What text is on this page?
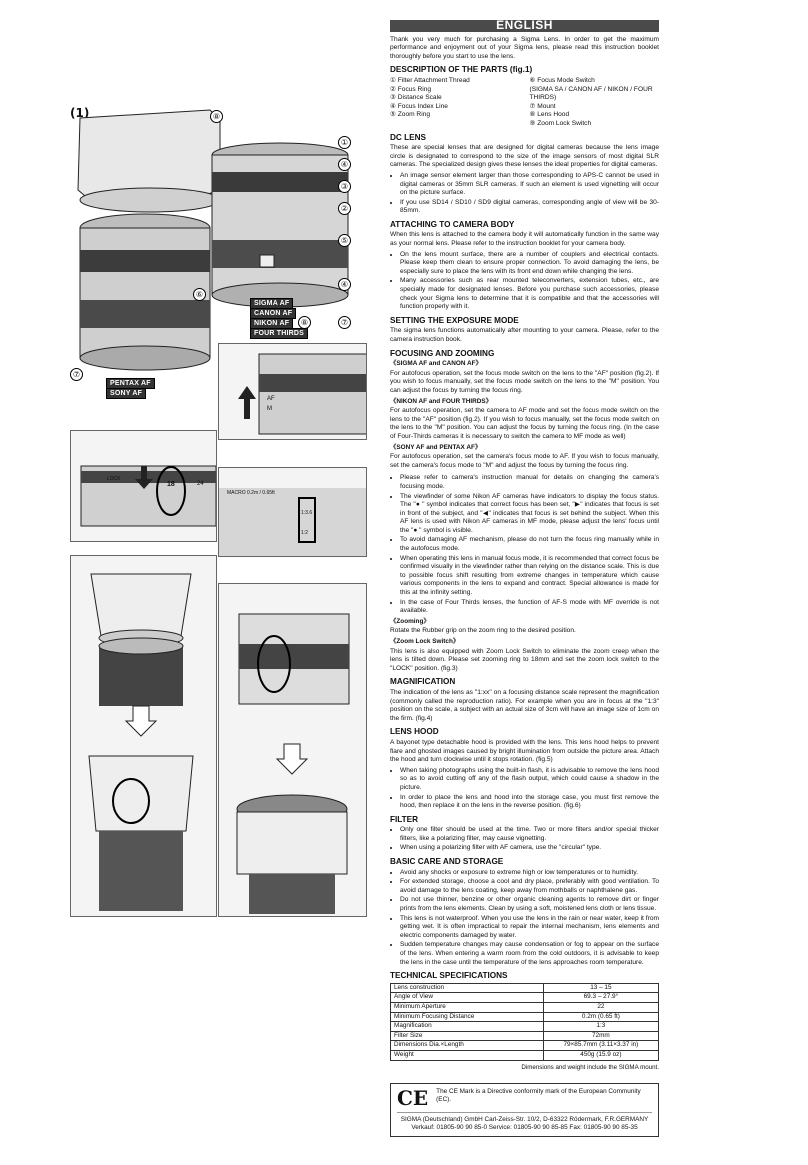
(1)	⑧
①
④
③
②
⑤
④
⑥
⑧	⑦
⑦
SIGMA AF
CANON AF
NIKON AF
FOUR THIRDS
PENTAX AF
SONY AF
AF
M
LOCK
18	24
MACRO 0.2m / 0.65ft
1:3.6
1:2
ENGLISH

Thank you very much for purchasing a Sigma Lens. In order to get the maximum performance and enjoyment out of your Sigma lens, please read this instruction booklet thoroughly before you start to use the lens.

DESCRIPTION OF THE PARTS (fig.1)
① Filter Attachment Thread
② Focus Ring
③ Distance Scale
④ Focus Index Line
⑤ Zoom Ring
⑥ Focus Mode Switch
(SIGMA SA / CANON AF / NIKON / FOUR THIRDS)
⑦ Mount
⑧ Lens Hood
⑨ Zoom Lock Switch
DC LENS

These are special lenses that are designed for digital cameras because the lens image circle is designated to correspond to the size of the image sensors of most digital SLR cameras. The specialized design gives these lenses the ideal properties for digital cameras.

• An image sensor element larger than those corresponding to APS-C cannot be used in digital cameras or 35mm SLR cameras. If such an element is used vignetting will occur on the picture surface.
• If you use SD14 / SD10 / SD9 digital cameras, corresponding angle of view will be 30-85mm.
ATTACHING TO CAMERA BODY

When this lens is attached to the camera body it will automatically function in the same way as your normal lens. Please refer to the instruction booklet for your camera body.

• On the lens mount surface, there are a number of couplers and electrical contacts. Please keep them clean to ensure proper connection. To avoid damaging the lens, be especially sure to place the lens with its front end down while changing the lens.
• Many accessories such as rear mounted teleconverters, extension tubes, etc., are specially made for designated lenses. Before you purchase such accessories, please check your Sigma lens to determine that it is compatible and that the accessories will function properly with it.
SETTING THE EXPOSURE MODE

The sigma lens functions automatically after mounting to your camera. Please, refer to the camera instruction book.

FOCUSING AND ZOOMING
《SIGMA AF and CANON AF》

For autofocus operation, set the focus mode switch on the lens to the "AF" position (fig.2). If you wish to focus manually, set the focus mode switch on the lens to the "M" position. You can adjust the focus by turning the focus ring.

《NIKON AF and FOUR THIRDS》

For autofocus operation, set the camera to AF mode and set the focus mode switch on the lens to the "AF" position (fig.2). If you wish to focus manually, set the focus mode switch on the lens to the "M" position. You can adjust the focus by turning the focus ring. (In the case of Four-Thirds cameras it is necessary to switch the camera to MF mode as well)

《SONY AF and PENTAX AF》

For autofocus operation, set the camera's focus mode to AF. If you wish to focus manually, set the camera's focus mode to "M" and adjust the focus by turning the focus ring.

• Please refer to camera's instruction manual for details on changing the camera's focusing mode.
• The viewfinder of some Nikon AF cameras have indicators to display the focus status. The "● " symbol indicates that correct focus has been set, "▶" indicates that focus is set in front of the subject, and "◀" indicates that focus is set behind the subject. When this AF lens is used with Nikon AF cameras in MF mode, please adjust the lens' focus until the "● " symbol is visible.
• To avoid damaging AF mechanism, please do not turn the focus ring manually while in the autofocus mode.
• When operating this lens in manual focus mode, it is recommended that correct focus be confirmed visually in the viewfinder rather than relying on the distance scale. This is due to possible focus shift resulting from extreme changes in temperature which cause various components in the lens to expand and contract. Special allowance is made for this at the infinity setting.
• In the case of Four Thirds lenses, the function of AF-S mode with MF override is not available.
《Zooming》

Rotate the Rubber grip on the zoom ring to the desired position.

《Zoom Lock Switch》

This lens is also equipped with Zoom Lock Switch to eliminate the zoom creep when the lens is tilted down. Please set zooming ring to 18mm and set the zoom lock switch to the "LOCK" position. (fig.3)

MAGNIFICATION

The indication of the lens as "1:xx" on a focusing distance scale represent the magnification (commonly called the reproduction ratio). For example when you are in focus at the "1:3" position on the scale, a subject with an actual size of 3cm will have an image size of 1cm on the firm. (fig.4)

LENS HOOD

A bayonet type detachable hood is provided with the lens. This lens hood helps to prevent flare and ghosted images caused by bright illumination from outside the picture area. Attach the hood and turn clockwise until it stops rotation. (fig.5)

• When taking photographs using the built-in flash, it is advisable to remove the lens hood so as to avoid cutting off any of the flash output, which could cause a shadow in the picture.
• In order to place the lens and hood into the storage case, you must first remove the hood, then replace it on the lens in the reverse position. (fig.6)
FILTER
• Only one filter should be used at the time. Two or more filters and/or special thicker filters, like a polarizing filter, may cause vignetting.
• When using a polarizing filter with AF camera, use the "circular" type.
BASIC CARE AND STORAGE
• Avoid any shocks or exposure to extreme high or low temperatures or to humidity.
• For extended storage, choose a cool and dry place, preferably with good ventilation. To avoid damage to the lens coating, keep away from mothballs or naphthalene gas.
• Do not use thinner, benzine or other organic cleaning agents to remove dirt or finger prints from the lens elements. Clean by using a soft, moistened lens cloth or lens tissue.
• This lens is not waterproof. When you use the lens in the rain or near water, keep it from getting wet. It is often impractical to repair the internal mechanism, lens elements and electric components damaged by water.
• Sudden temperature changes may cause condensation or fog to appear on the surface of the lens. When entering a warm room from the cold outdoors, it is advisable to keep the lens in the case until the temperature of the lens approaches room temperature.
TECHNICAL SPECIFICATIONS
Lens construction	13 – 15
Angle of View	69.3 – 27.9°
Minimum Aperture	22
Minimum Focusing Distance	0.2m (0.65 ft)
Magnification	1:3
Filter Size	72mm
Dimensions Dia.×Length	79×85.7mm (3.11×3.37 in)
Weight	450g (15.9 oz)
Dimensions and weight include the SIGMA mount.
CE The CE Mark is a Directive conformity mark of the European Community (EC).
SIGMA (Deutschland) GmbH Carl-Zeiss-Str. 10/2, D-63322 Rödermark, F.R.GERMANY
Verkauf: 01805-90 90 85-0 Service: 01805-90 90 85-85 Fax: 01805-90 90 85-35
